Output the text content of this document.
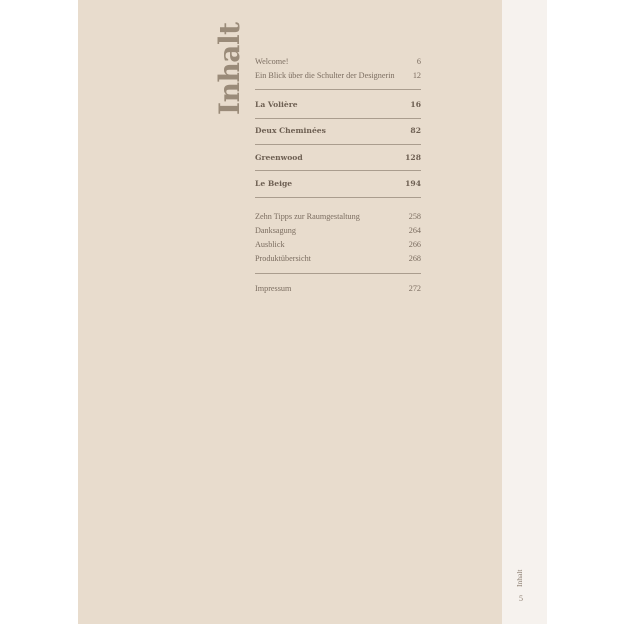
Inhalt Welcome!	6
Ein Blick über die Schulter der Designerin 12
La Volière	16
Deux Cheminées	82
Greenwood	128
Le Beige	194
Zehn Tipps zur Raumgestaltung	258
Danksagung	264
Ausblick	266
Produktübersicht	268
Impressum	272
Inhalt
5
